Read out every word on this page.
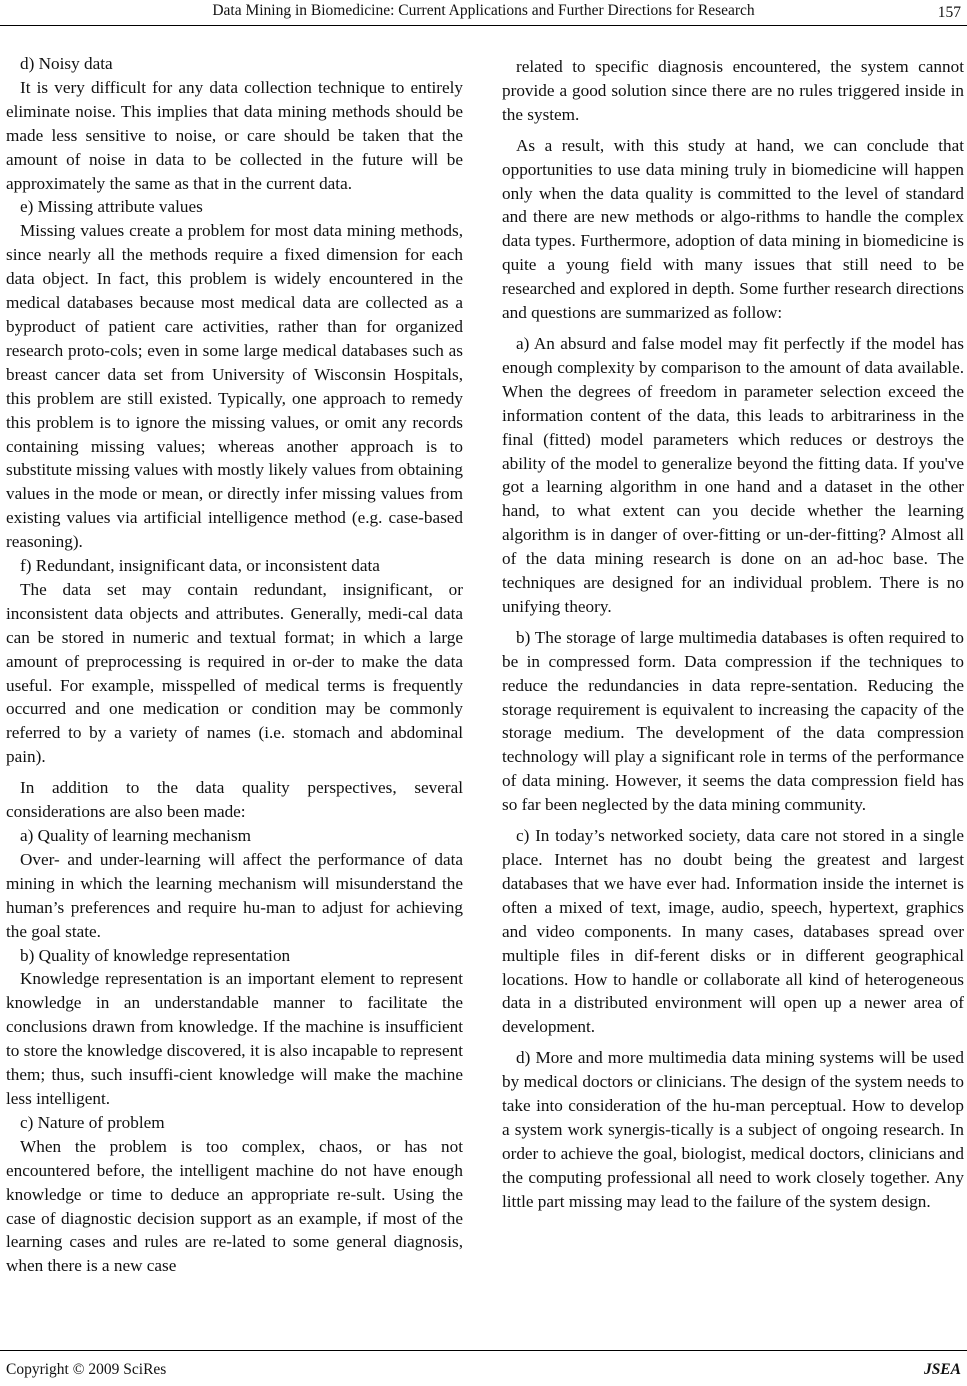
Data Mining in Biomedicine: Current Applications and Further Directions for Research	157

d) Noisy data

It is very difficult for any data collection technique to entirely eliminate noise. This implies that data mining methods should be made less sensitive to noise, or care should be taken that the amount of noise in data to be collected in the future will be approximately the same as that in the current data.

e) Missing attribute values

Missing values create a problem for most data mining methods, since nearly all the methods require a fixed dimension for each data object. In fact, this problem is widely encountered in the medical databases because most medical data are collected as a byproduct of patient care activities, rather than for organized research proto-cols; even in some large medical databases such as breast cancer data set from University of Wisconsin Hospitals, this problem are still existed. Typically, one approach to remedy this problem is to ignore the missing values, or omit any records containing missing values; whereas another approach is to substitute missing values with mostly likely values from obtaining values in the mode or mean, or directly infer missing values from existing values via artificial intelligence method (e.g. case-based reasoning).

f) Redundant, insignificant data, or inconsistent data

The data set may contain redundant, insignificant, or inconsistent data objects and attributes. Generally, medi-cal data can be stored in numeric and textual format; in which a large amount of preprocessing is required in or-der to make the data useful. For example, misspelled of medical terms is frequently occurred and one medication or condition may be commonly referred to by a variety of names (i.e. stomach and abdominal pain).

In addition to the data quality perspectives, several considerations are also been made:

a) Quality of learning mechanism

Over- and under-learning will affect the performance of data mining in which the learning mechanism will misunderstand the human’s preferences and require hu-man to adjust for achieving the goal state.

b) Quality of knowledge representation

Knowledge representation is an important element to represent knowledge in an understandable manner to facilitate the conclusions drawn from knowledge. If the machine is insufficient to store the knowledge discovered, it is also incapable to represent them; thus, such insuffi-cient knowledge will make the machine less intelligent.

c) Nature of problem

When the problem is too complex, chaos, or has not encountered before, the intelligent machine do not have enough knowledge or time to deduce an appropriate re-sult. Using the case of diagnostic decision support as an example, if most of the learning cases and rules are re-lated to some general diagnosis, when there is a new case

related to specific diagnosis encountered, the system cannot provide a good solution since there are no rules triggered inside in the system.

As a result, with this study at hand, we can conclude that opportunities to use data mining truly in biomedicine will happen only when the data quality is committed to the level of standard and there are new methods or algo-rithms to handle the complex data types. Furthermore, adoption of data mining in biomedicine is quite a young field with many issues that still need to be researched and explored in depth. Some further research directions and questions are summarized as follow:

a) An absurd and false model may fit perfectly if the model has enough complexity by comparison to the amount of data available. When the degrees of freedom in parameter selection exceed the information content of the data, this leads to arbitrariness in the final (fitted) model parameters which reduces or destroys the ability of the model to generalize beyond the fitting data. If you've got a learning algorithm in one hand and a dataset in the other hand, to what extent can you decide whether the learning algorithm is in danger of over-fitting or un-der-fitting? Almost all of the data mining research is done on an ad-hoc base. The techniques are designed for an individual problem. There is no unifying theory.

b) The storage of large multimedia databases is often required to be in compressed form. Data compression if the techniques to reduce the redundancies in data repre-sentation. Reducing the storage requirement is equivalent to increasing the capacity of the storage medium. The development of the data compression technology will play a significant role in terms of the performance of data mining. However, it seems the data compression field has so far been neglected by the data mining community.

c) In today’s networked society, data care not stored in a single place. Internet has no doubt being the greatest and largest databases that we have ever had. Information inside the internet is often a mixed of text, image, audio, speech, hypertext, graphics and video components. In many cases, databases spread over multiple files in dif-ferent disks or in different geographical locations. How to handle or collaborate all kind of heterogeneous data in a distributed environment will open up a newer area of development.

d) More and more multimedia data mining systems will be used by medical doctors or clinicians. The design of the system needs to take into consideration of the hu-man perceptual. How to develop a system work synergis-tically is a subject of ongoing research. In order to achieve the goal, biologist, medical doctors, clinicians and the computing professional all need to work closely together. Any little part missing may lead to the failure of the system design.

Copyright © 2009 SciRes	JSEA
